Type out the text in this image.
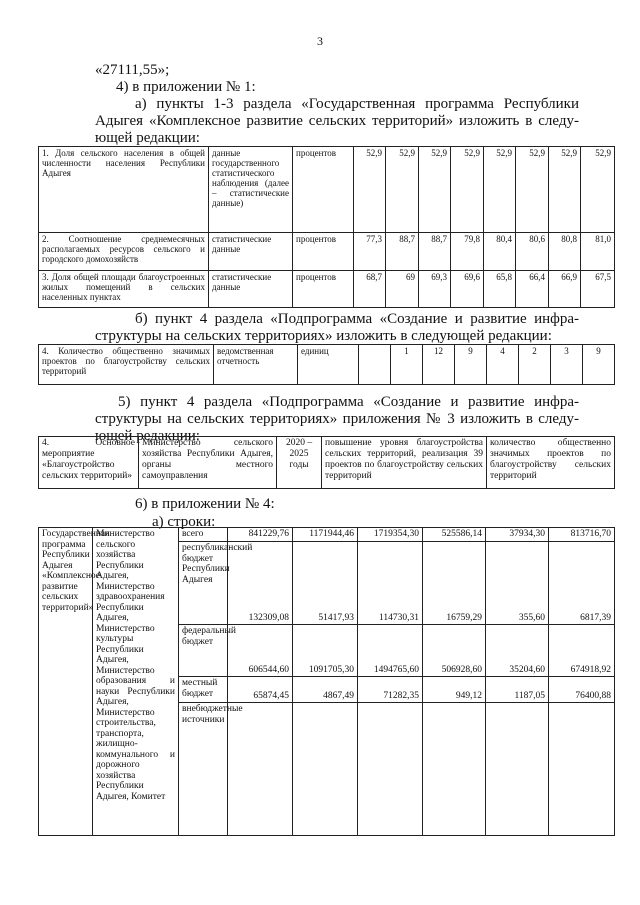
3
«27111,55»;
4) в приложении № 1:
а) пункты 1-3 раздела «Государственная программа Республики
Адыгея «Комплексное развитие сельских территорий» изложить в следу-
ющей редакции:
1. Доля сельского населения в общей численности населения Республики Адыгея	данные государственного статистического наблюдения (далее – статистические данные)	процентов	52,9	52,9	52,9	52,9	52,9	52,9	52,9	52,9
2. Соотношение среднемесячных располагаемых ресурсов сельского и городского домохозяйств	статистические данные	процентов	77,3	88,7	88,7	79,8	80,4	80,6	80,8	81,0
3. Доля общей площади благоустроенных жилых помещений в сельских населенных пунктах	статистические данные	процентов	68,7	69	69,3	69,6	65,8	66,4	66,9	67,5
б) пункт 4 раздела «Подпрограмма «Создание и развитие инфра-
структуры на сельских территориях» изложить в следующей редакции:
4. Количество общественно значимых проектов по благоустройству сельских территорий	ведомственная отчетность	единиц		1	12	9	4	2	3	9
5) пункт 4 раздела «Подпрограмма «Создание и развитие инфра-
структуры на сельских территориях» приложения № 3 изложить в следу-
ющей редакции:
4. Основное мероприятие «Благоустройство сельских территорий»	Министерство сельского хозяйства Республики Адыгея, органы местного самоуправления	2020 – 2025 годы	повышение уровня благоустройства сельских территорий, реализация 39 проектов по благоустройству сельских территорий	количество общественно значимых проектов по благоустройству сельских территорий
6) в приложении № 4:
а) строки:
Государственная программа Республики Адыгея «Комплексное развитие сельских территорий»	Министерство сельского хозяйства Республики Адыгея, Министерство здравоохранения Республики Адыгея, Министерство культуры Республики Адыгея, Министерство образования и науки Республики Адыгея, Министерство строительства, транспорта, жилищно-коммунального и дорожного хозяйства Республики Адыгея, Комитет	всего	841229,76	1171944,46	1719354,30	525586,14	37934,30	813716,70
		республиканский бюджет Республики Адыгея	132309,08	51417,93	114730,31	16759,29	355,60	6817,39
		федеральный бюджет	606544,60	1091705,30	1494765,60	506928,60	35204,60	674918,92
		местный бюджет	65874,45	4867,49	71282,35	949,12	1187,05	76400,88
		внебюджетные источники						
